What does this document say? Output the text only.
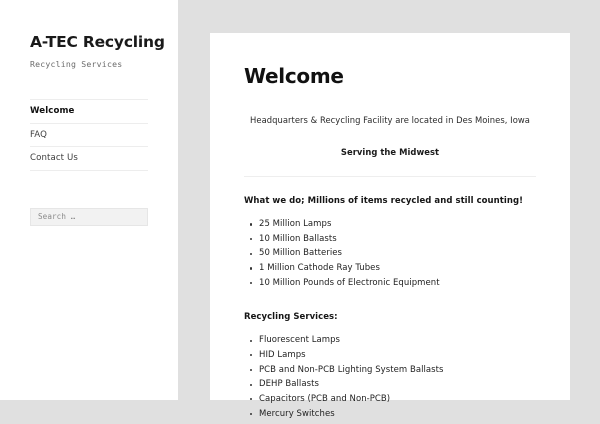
A-TEC Recycling

Recycling Services

Welcome
FAQ
Contact Us
Search …
Welcome

Headquarters & Recycling Facility are located in Des Moines, Iowa

Serving the Midwest

What we do; Millions of items recycled and still counting!

25 Million Lamps
10 Million Ballasts
50 Million Batteries
1 Million Cathode Ray Tubes
10 Million Pounds of Electronic Equipment

Recycling Services:

Fluorescent Lamps
HID Lamps
PCB and Non-PCB Lighting System Ballasts
DEHP Ballasts
Capacitors (PCB and Non-PCB)
Mercury Switches
